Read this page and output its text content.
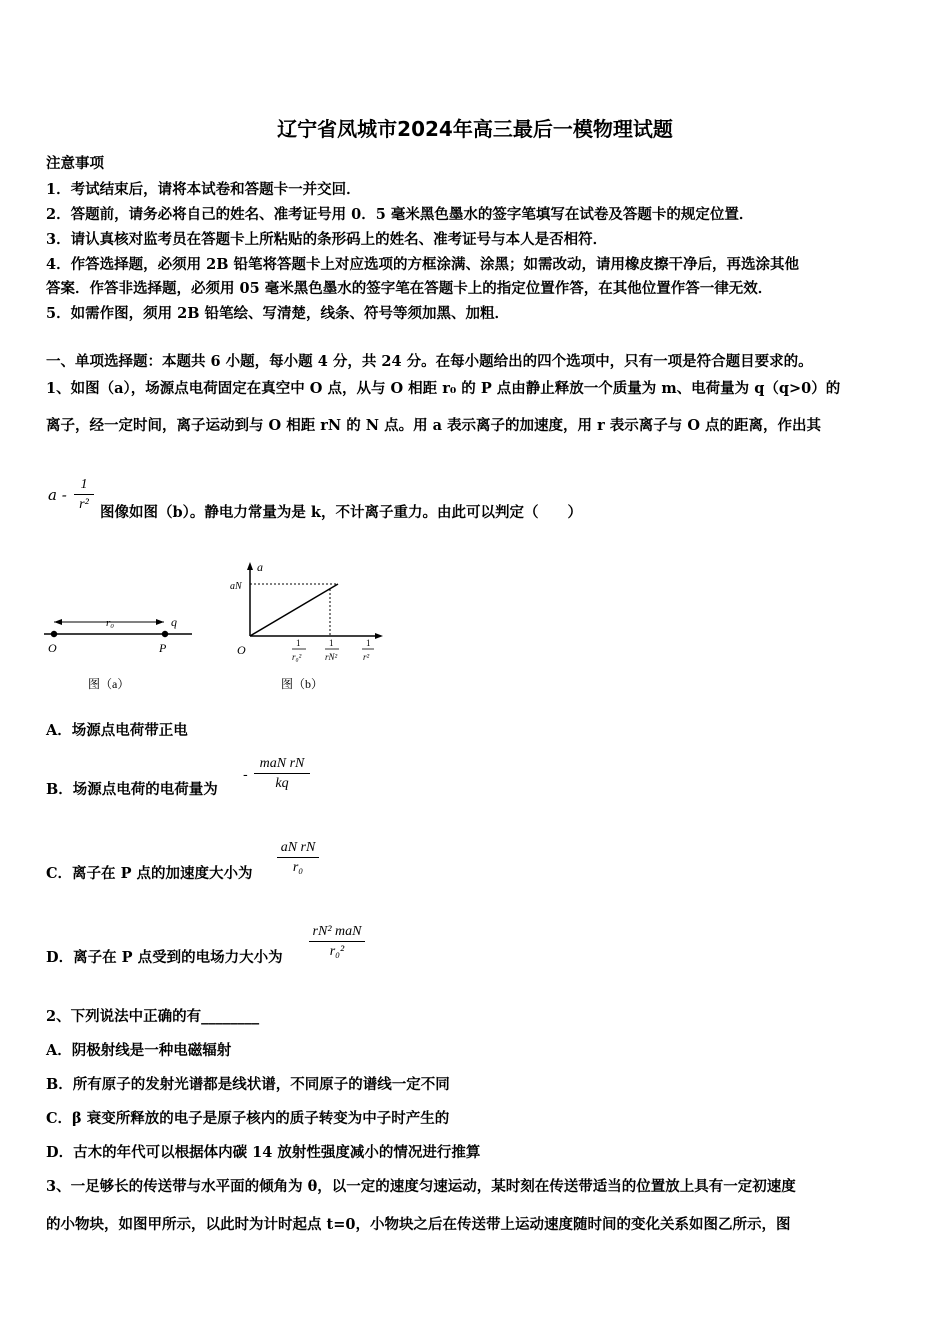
辽宁省凤城市2024年高三最后一模物理试题
注意事项
1．考试结束后，请将本试卷和答题卡一并交回．
2．答题前，请务必将自己的姓名、准考证号用 0．5 毫米黑色墨水的签字笔填写在试卷及答题卡的规定位置．
3．请认真核对监考员在答题卡上所粘贴的条形码上的姓名、准考证号与本人是否相符．
4．作答选择题，必须用 2B 铅笔将答题卡上对应选项的方框涂满、涂黑；如需改动，请用橡皮擦干净后，再选涂其他
答案．作答非选择题，必须用 05 毫米黑色墨水的签字笔在答题卡上的指定位置作答，在其他位置作答一律无效．
5．如需作图，须用 2B 铅笔绘、写清楚，线条、符号等须加黑、加粗．
一、单项选择题：本题共 6 小题，每小题 4 分，共 24 分。在每小题给出的四个选项中，只有一项是符合题目要求的。
1、如图（a），场源点电荷固定在真空中 O 点，从与 O 相距 r₀ 的 P 点由静止释放一个质量为 m、电荷量为 q（q>0）的
离子，经一定时间，离子运动到与 O 相距 rN 的 N 点。用 a 表示离子的加速度，用 r 表示离子与 O 点的距离，作出其
a -
1
r² 图像如图（b）。静电力常量为是 k，不计离子重力。由此可以判定（　　）
r₀	q
O	P
图（a）
a
aN
O	1
r₀²
1
rN²
1
r²
图（b）
A．场源点电荷带正电
B．场源点电荷的电荷量为
-
maN rN
kq
C．离子在 P 点的加速度大小为
aN rN
r₀
D．离子在 P 点受到的电场力大小为
rN² maN
r₀²
2、下列说法中正确的有________
A．阴极射线是一种电磁辐射
B．所有原子的发射光谱都是线状谱，不同原子的谱线一定不同
C．β 衰变所释放的电子是原子核内的质子转变为中子时产生的
D．古木的年代可以根据体内碳 14 放射性强度减小的情况进行推算
3、一足够长的传送带与水平面的倾角为 θ，以一定的速度匀速运动，某时刻在传送带适当的位置放上具有一定初速度
的小物块，如图甲所示，以此时为计时起点 t=0，小物块之后在传送带上运动速度随时间的变化关系如图乙所示，图
